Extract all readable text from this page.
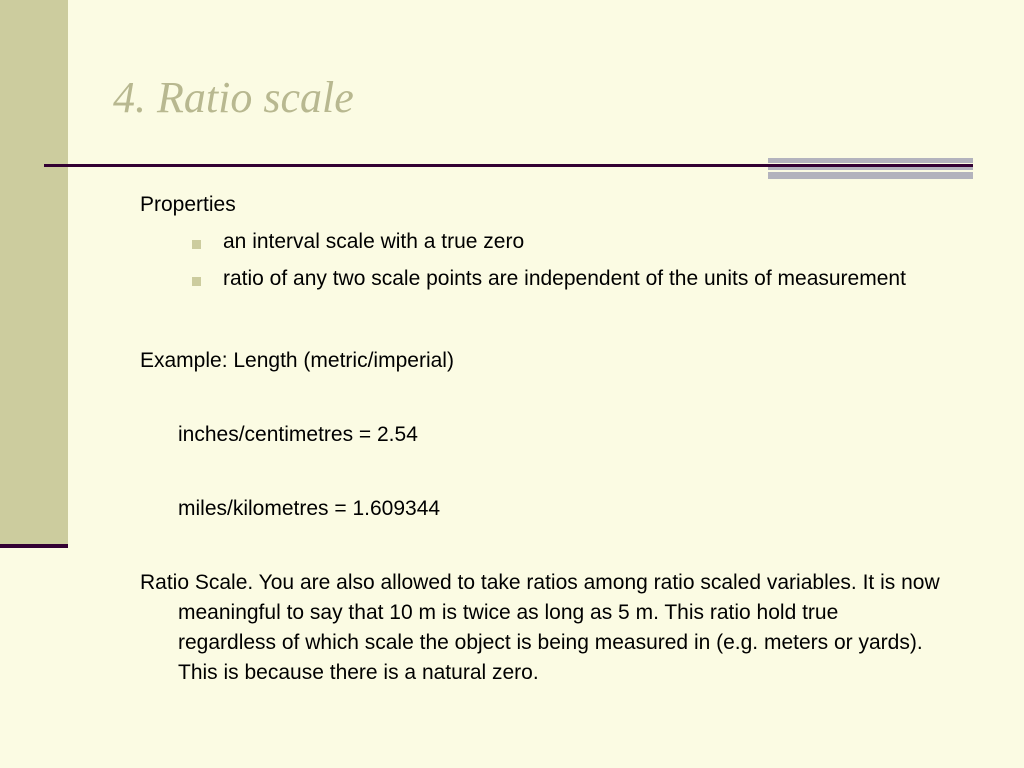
4. Ratio scale

Properties

an interval scale with a true zero
ratio of any two scale points are independent of the units of measurement

Example: Length (metric/imperial)

inches/centimetres = 2.54

miles/kilometres = 1.609344

Ratio Scale. You are also allowed to take ratios among ratio scaled variables. It is now meaningful to say that 10 m is twice as long as 5 m. This ratio hold true regardless of which scale the object is being measured in (e.g. meters or yards). This is because there is a natural zero.
